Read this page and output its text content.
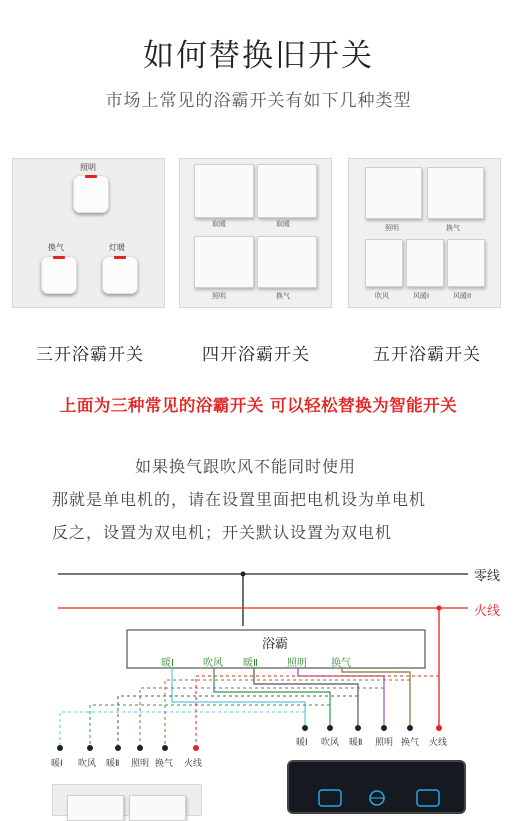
如何替换旧开关
市场上常见的浴霸开关有如下几种类型
照明
换气	灯暖
三开浴霸开关
取暖	取暖
照明	换气
四开浴霸开关
照明	换气
吹风	风暖I	风暖II
五开浴霸开关
上面为三种常见的浴霸开关 可以轻松替换为智能开关
如果换气跟吹风不能同时使用
那就是单电机的，请在设置里面把电机设为单电机
反之，设置为双电机；开关默认设置为双电机
零线
火线
浴霸
暖Ⅰ	吹风 暖Ⅱ	照明 换气
暖Ⅰ 吹风 暖Ⅱ 照明 换气 火线
暖Ⅰ 吹风 暖Ⅱ 照明 换气 火线
